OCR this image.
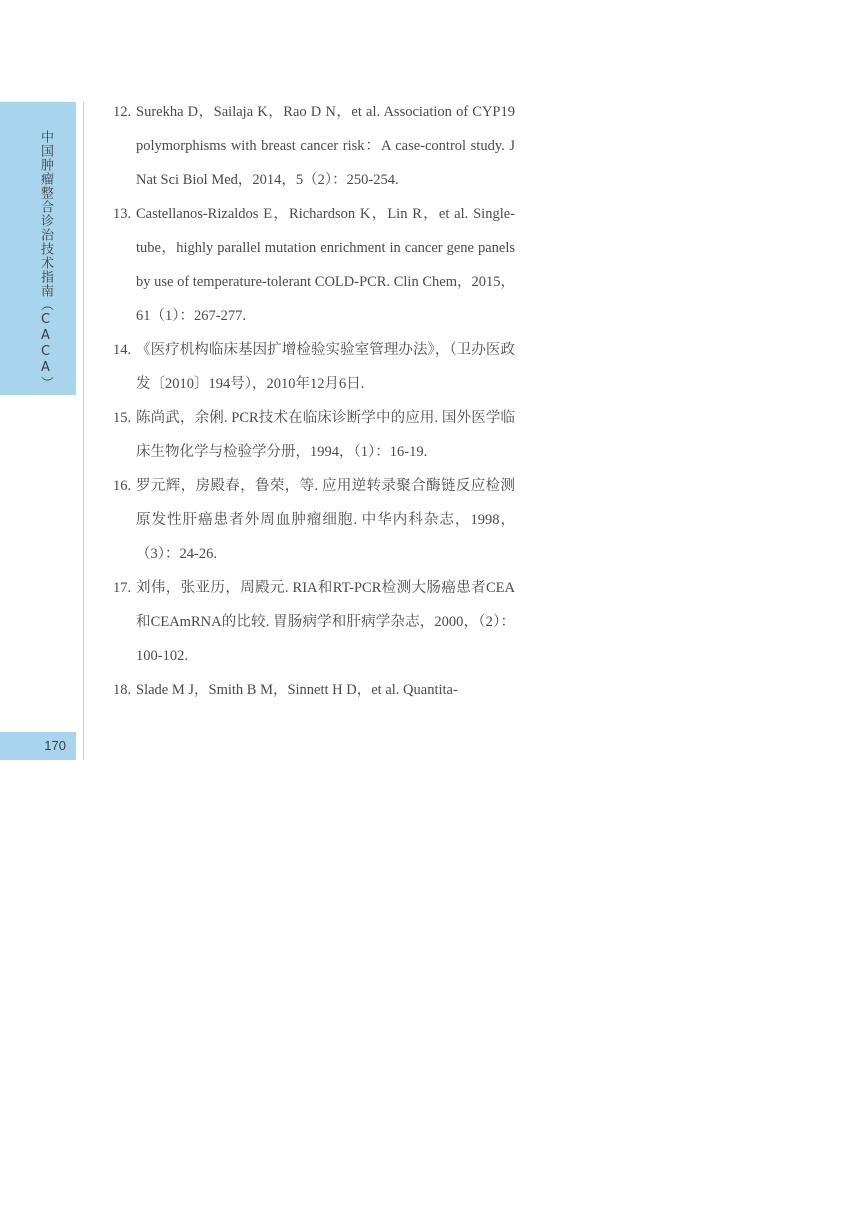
中国肿瘤整合诊治技术指南（CACA）
170
12. Surekha D，Sailaja K，Rao D N，et al. Association of CYP19 polymorphisms with breast cancer risk：A case-control study. J Nat Sci Biol Med，2014，5（2）：250-254.
13. Castellanos-Rizaldos E，Richardson K，Lin R，et al. Single-tube，highly parallel mutation enrichment in cancer gene panels by use of temperature-tolerant COLD-PCR. Clin Chem，2015，61（1）：267-277.
14. 《医疗机构临床基因扩增检验实验室管理办法》，（卫办医政发〔2010〕194号），2010年12月6日.
15. 陈尚武，余俐. PCR技术在临床诊断学中的应用. 国外医学临床生物化学与检验学分册，1994，（1）：16-19.
16. 罗元辉，房殿春，鲁荣，等. 应用逆转录聚合酶链反应检测原发性肝癌患者外周血肿瘤细胞. 中华内科杂志，1998，（3）：24-26.
17. 刘伟，张亚历，周殿元. RIA和RT-PCR检测大肠癌患者CEA和CEAmRNA的比较. 胃肠病学和肝病学杂志，2000，（2）：100-102.
18. Slade M J，Smith B M，Sinnett H D，et al. Quantita-
